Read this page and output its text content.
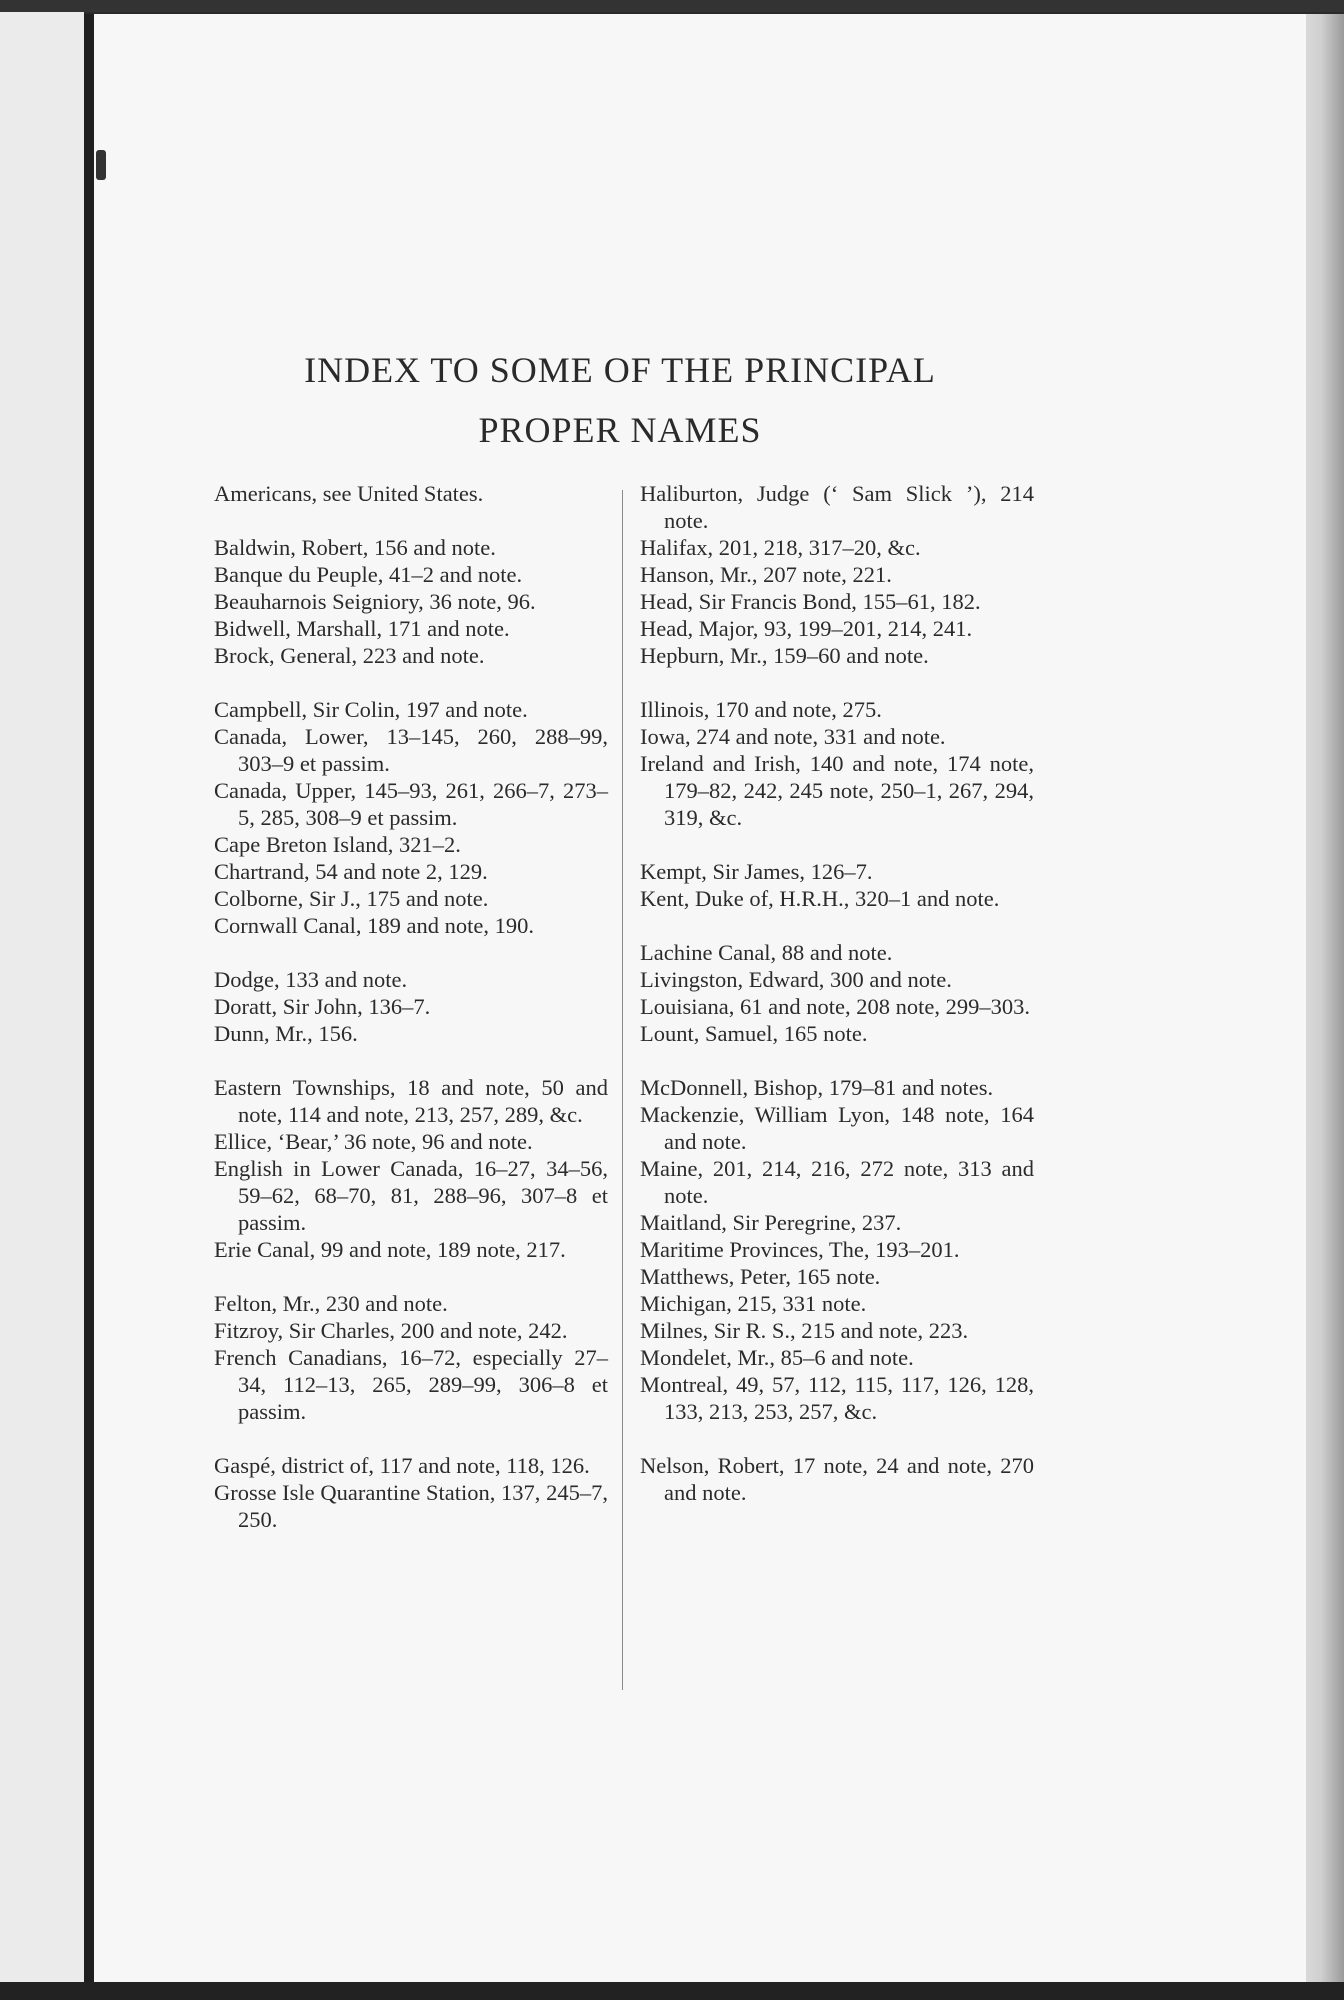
INDEX TO SOME OF THE PRINCIPAL
PROPER NAMES

Americans, see United States.

Baldwin, Robert, 156 and note.

Banque du Peuple, 41–2 and note.

Beauharnois Seigniory, 36 note, 96.

Bidwell, Marshall, 171 and note.

Brock, General, 223 and note.

Campbell, Sir Colin, 197 and note.

Canada, Lower, 13–145, 260, 288–99, 303–9 et passim.

Canada, Upper, 145–93, 261, 266–7, 273–5, 285, 308–9 et passim.

Cape Breton Island, 321–2.

Chartrand, 54 and note 2, 129.

Colborne, Sir J., 175 and note.

Cornwall Canal, 189 and note, 190.

Dodge, 133 and note.

Doratt, Sir John, 136–7.

Dunn, Mr., 156.

Eastern Townships, 18 and note, 50 and note, 114 and note, 213, 257, 289, &c.

Ellice, ‘Bear,’ 36 note, 96 and note.

English in Lower Canada, 16–27, 34–56, 59–62, 68–70, 81, 288–96, 307–8 et passim.

Erie Canal, 99 and note, 189 note, 217.

Felton, Mr., 230 and note.

Fitzroy, Sir Charles, 200 and note, 242.

French Canadians, 16–72, especially 27–34, 112–13, 265, 289–99, 306–8 et passim.

Gaspé, district of, 117 and note, 118, 126.

Grosse Isle Quarantine Station, 137, 245–7, 250.

Haliburton, Judge (‘ Sam Slick ’), 214 note.

Halifax, 201, 218, 317–20, &c.

Hanson, Mr., 207 note, 221.

Head, Sir Francis Bond, 155–61, 182.

Head, Major, 93, 199–201, 214, 241.

Hepburn, Mr., 159–60 and note.

Illinois, 170 and note, 275.

Iowa, 274 and note, 331 and note.

Ireland and Irish, 140 and note, 174 note, 179–82, 242, 245 note, 250–1, 267, 294, 319, &c.

Kempt, Sir James, 126–7.

Kent, Duke of, H.R.H., 320–1 and note.

Lachine Canal, 88 and note.

Livingston, Edward, 300 and note.

Louisiana, 61 and note, 208 note, 299–303.

Lount, Samuel, 165 note.

McDonnell, Bishop, 179–81 and notes.

Mackenzie, William Lyon, 148 note, 164 and note.

Maine, 201, 214, 216, 272 note, 313 and note.

Maitland, Sir Peregrine, 237.

Maritime Provinces, The, 193–201.

Matthews, Peter, 165 note.

Michigan, 215, 331 note.

Milnes, Sir R. S., 215 and note, 223.

Mondelet, Mr., 85–6 and note.

Montreal, 49, 57, 112, 115, 117, 126, 128, 133, 213, 253, 257, &c.

Nelson, Robert, 17 note, 24 and note, 270 and note.
